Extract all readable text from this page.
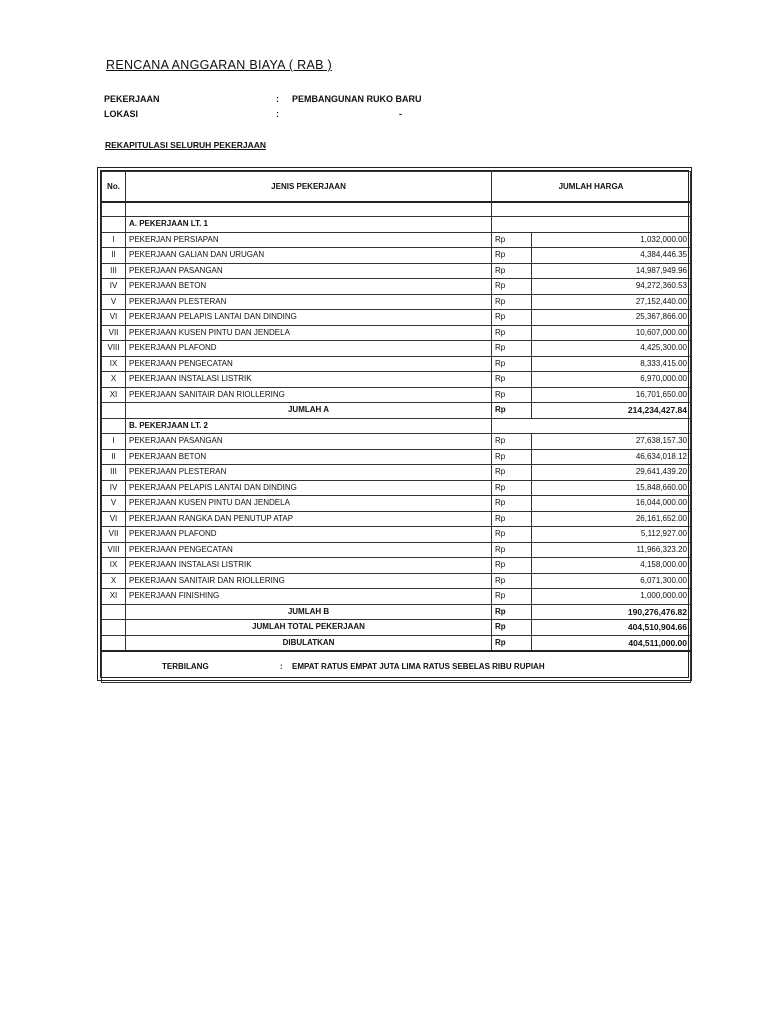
RENCANA ANGGARAN BIAYA ( RAB )
PEKERJAAN	: PEMBANGUNAN RUKO BARU
LOKASI	:	-
REKAPITULASI SELURUH PEKERJAAN
No.	JENIS PEKERJAAN	JUMLAH HARGA	

	A. PEKERJAAN LT. 1		
I	PEKERJAN PERSIAPAN	Rp	1,032,000.00
II	PEKERJAAN GALIAN DAN URUGAN	Rp	4,384,446.35
III	PEKERJAAN PASANGAN	Rp	14,987,949.96
IV	PEKERJAAN BETON	Rp	94,272,360.53
V	PEKERJAAN PLESTERAN	Rp	27,152,440.00
VI	PEKERJAAN PELAPIS LANTAI DAN DINDING	Rp	25,367,866.00
VII	PEKERJAAN KUSEN PINTU DAN JENDELA	Rp	10,607,000.00
VIII	PEKERJAAN PLAFOND	Rp	4,425,300.00
IX	PEKERJAAN PENGECATAN	Rp	8,333,415.00
X	PEKERJAAN INSTALASI LISTRIK	Rp	6,970,000.00
XI	PEKERJAAN SANITAIR DAN RIOLLERING	Rp	16,701,650.00
	JUMLAH A	Rp	214,234,427.84
	B. PEKERJAAN LT. 2		
I	PEKERJAAN PASANGAN	Rp	27,638,157.30
II	PEKERJAAN BETON	Rp	46,634,018.12
III	PEKERJAAN PLESTERAN	Rp	29,641,439.20
IV	PEKERJAAN PELAPIS LANTAI DAN DINDING	Rp	15,848,660.00
V	PEKERJAAN KUSEN PINTU DAN JENDELA	Rp	16,044,000.00
VI	PEKERJAAN RANGKA DAN PENUTUP ATAP	Rp	26,161,652.00
VII	PEKERJAAN PLAFOND	Rp	5,112,927.00
VIII	PEKERJAAN PENGECATAN	Rp	11,966,323.20
IX	PEKERJAAN INSTALASI LISTRIK	Rp	4,158,000.00
X	PEKERJAAN SANITAIR DAN RIOLLERING	Rp	6,071,300.00
XI	PEKERJAAN FINISHING	Rp	1,000,000.00
	JUMLAH B	Rp	190,276,476.82
	JUMLAH TOTAL PEKERJAAN	Rp	404,510,904.66
	DIBULATKAN	Rp	404,511,000.00

TERBILANG : EMPAT RATUS EMPAT JUTA LIMA RATUS SEBELAS RIBU RUPIAH			
